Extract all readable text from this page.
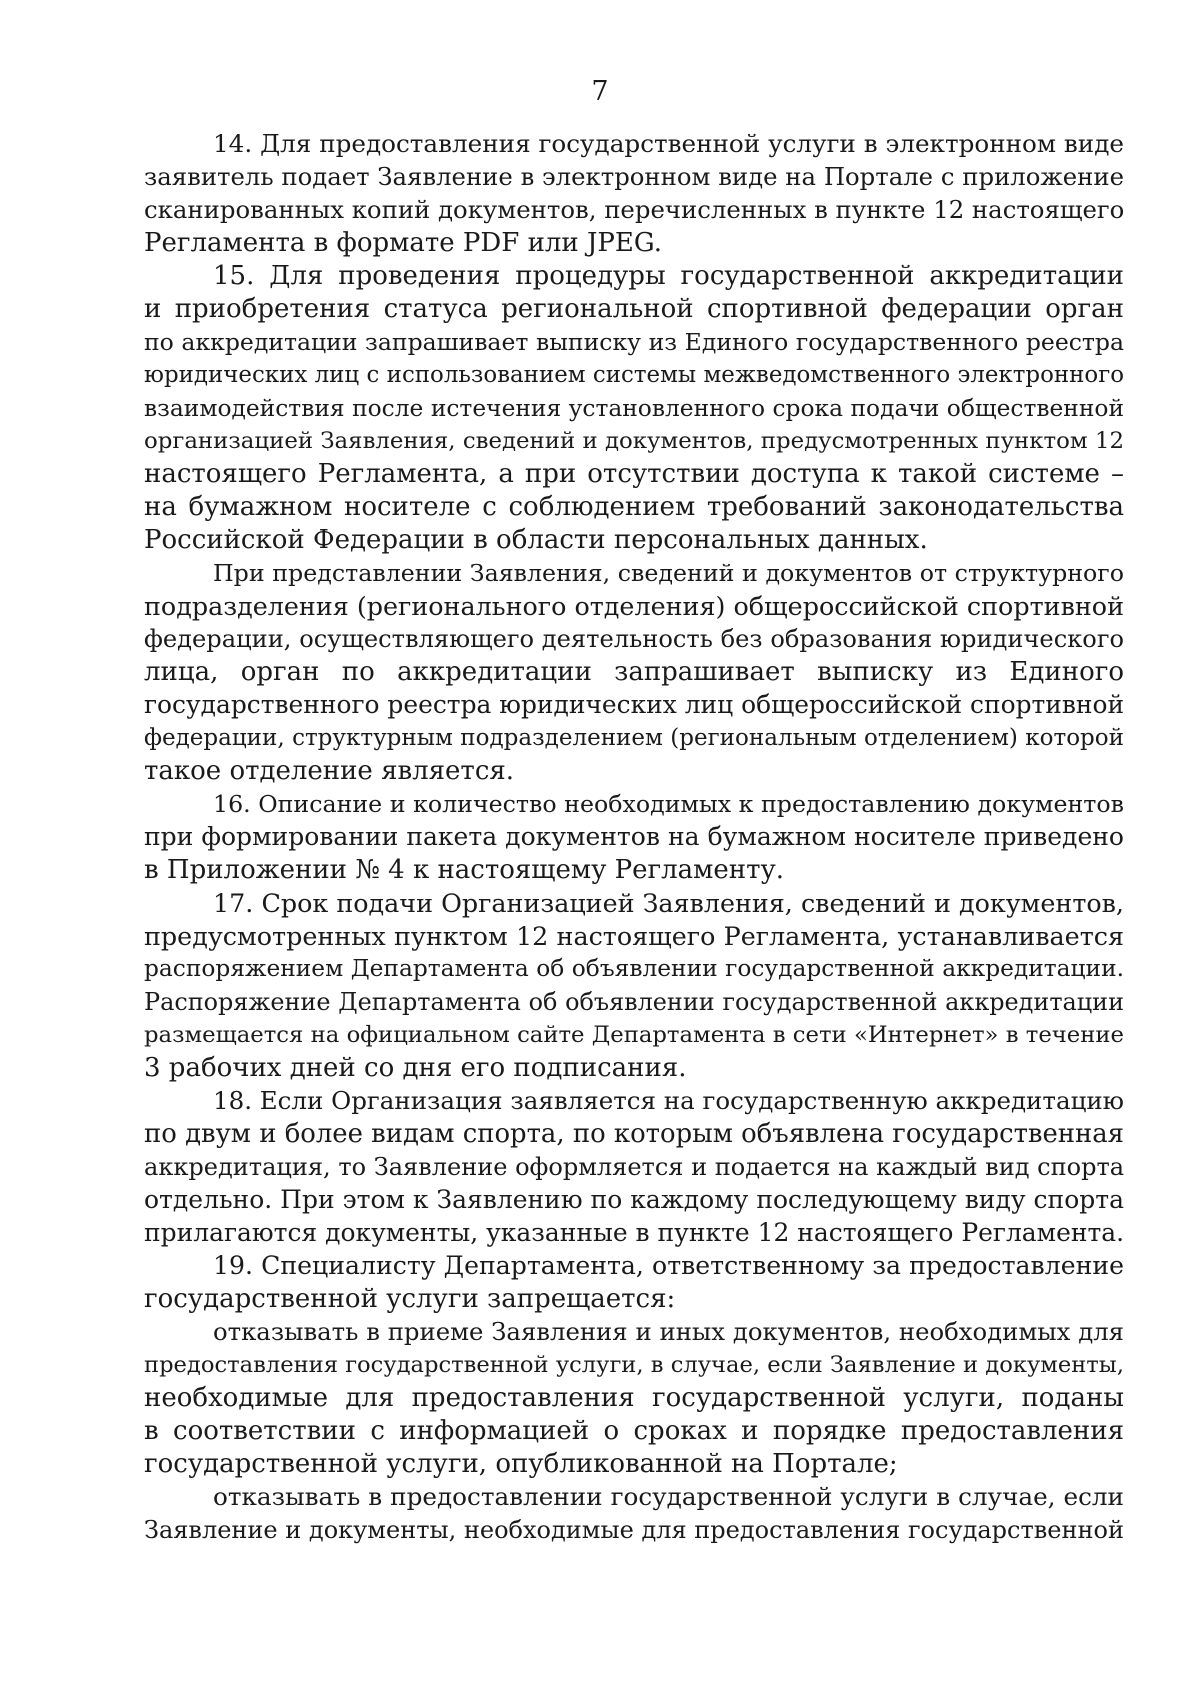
7
14. Для предоставления государственной услуги в электронном виде
заявитель подает Заявление в электронном виде на Портале с приложение
сканированных копий документов, перечисленных в пункте 12 настоящего
Регламента в формате PDF или JPEG.
15. Для проведения процедуры государственной аккредитации
и приобретения статуса региональной спортивной федерации орган
по аккредитации запрашивает выписку из Единого государственного реестра
юридических лиц с использованием системы межведомственного электронного
взаимодействия после истечения установленного срока подачи общественной
организацией Заявления, сведений и документов, предусмотренных пунктом 12
настоящего Регламента, а при отсутствии доступа к такой системе –
на бумажном носителе с соблюдением требований законодательства
Российской Федерации в области персональных данных.
При представлении Заявления, сведений и документов от структурного
подразделения (регионального отделения) общероссийской спортивной
федерации, осуществляющего деятельность без образования юридического
лица, орган по аккредитации запрашивает выписку из Единого
государственного реестра юридических лиц общероссийской спортивной
федерации, структурным подразделением (региональным отделением) которой
такое отделение является.
16. Описание и количество необходимых к предоставлению документов
при формировании пакета документов на бумажном носителе приведено
в Приложении № 4 к настоящему Регламенту.
17. Срок подачи Организацией Заявления, сведений и документов,
предусмотренных пунктом 12 настоящего Регламента, устанавливается
распоряжением Департамента об объявлении государственной аккредитации.
Распоряжение Департамента об объявлении государственной аккредитации
размещается на официальном сайте Департамента в сети «Интернет» в течение
3 рабочих дней со дня его подписания.
18. Если Организация заявляется на государственную аккредитацию
по двум и более видам спорта, по которым объявлена государственная
аккредитация, то Заявление оформляется и подается на каждый вид спорта
отдельно. При этом к Заявлению по каждому последующему виду спорта
прилагаются документы, указанные в пункте 12 настоящего Регламента.
19. Специалисту Департамента, ответственному за предоставление
государственной услуги запрещается:
отказывать в приеме Заявления и иных документов, необходимых для
предоставления государственной услуги, в случае, если Заявление и документы,
необходимые для предоставления государственной услуги, поданы
в соответствии с информацией о сроках и порядке предоставления
государственной услуги, опубликованной на Портале;
отказывать в предоставлении государственной услуги в случае, если
Заявление и документы, необходимые для предоставления государственной
